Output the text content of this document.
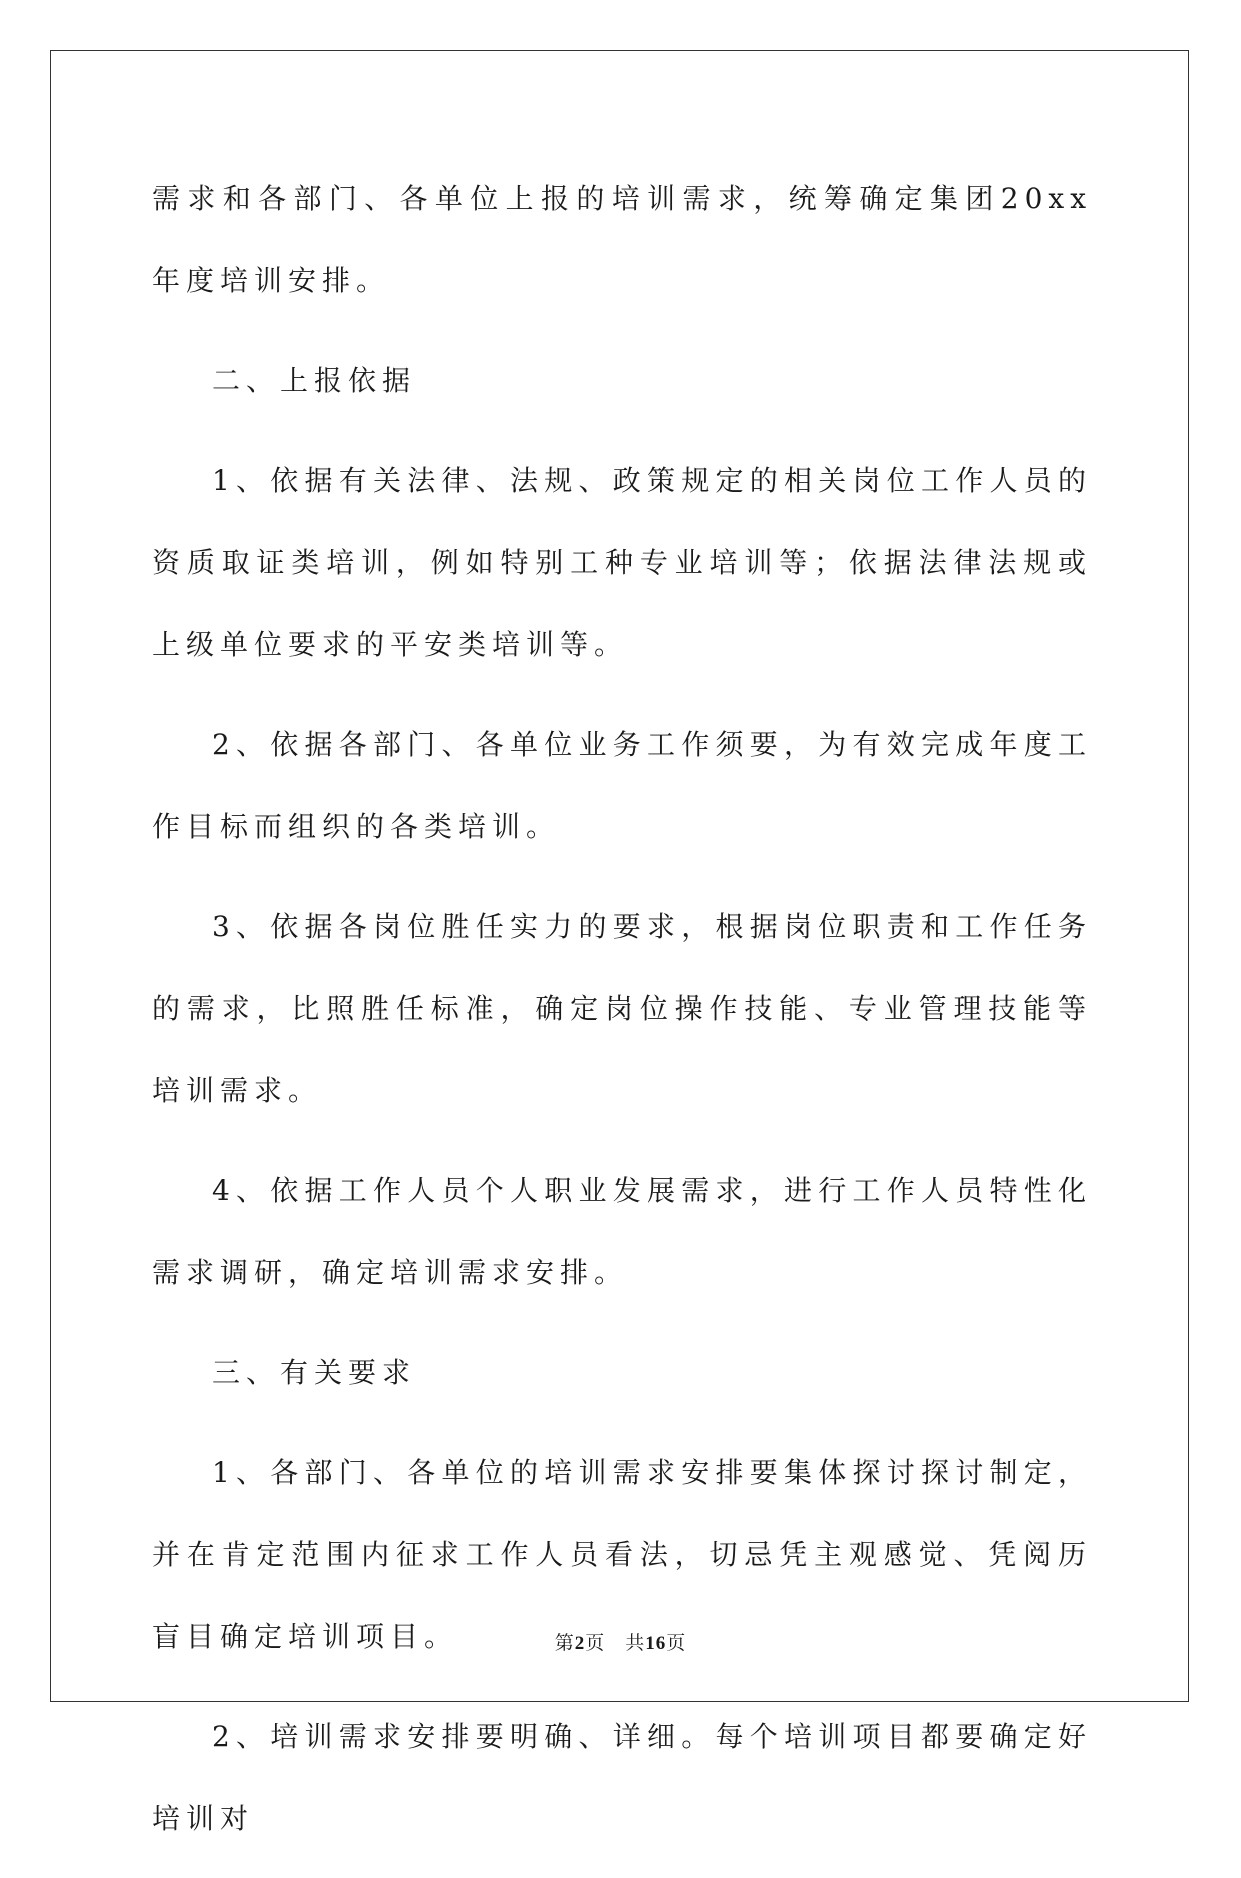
需求和各部门、各单位上报的培训需求，统筹确定集团20xx年度培训安排。

二、上报依据

1、依据有关法律、法规、政策规定的相关岗位工作人员的资质取证类培训，例如特别工种专业培训等；依据法律法规或上级单位要求的平安类培训等。

2、依据各部门、各单位业务工作须要，为有效完成年度工作目标而组织的各类培训。

3、依据各岗位胜任实力的要求，根据岗位职责和工作任务的需求，比照胜任标准，确定岗位操作技能、专业管理技能等培训需求。

4、依据工作人员个人职业发展需求，进行工作人员特性化需求调研，确定培训需求安排。

三、有关要求

1、各部门、各单位的培训需求安排要集体探讨探讨制定，并在肯定范围内征求工作人员看法，切忌凭主观感觉、凭阅历盲目确定培训项目。

2、培训需求安排要明确、详细。每个培训项目都要确定好培训对

第2页　共16页
